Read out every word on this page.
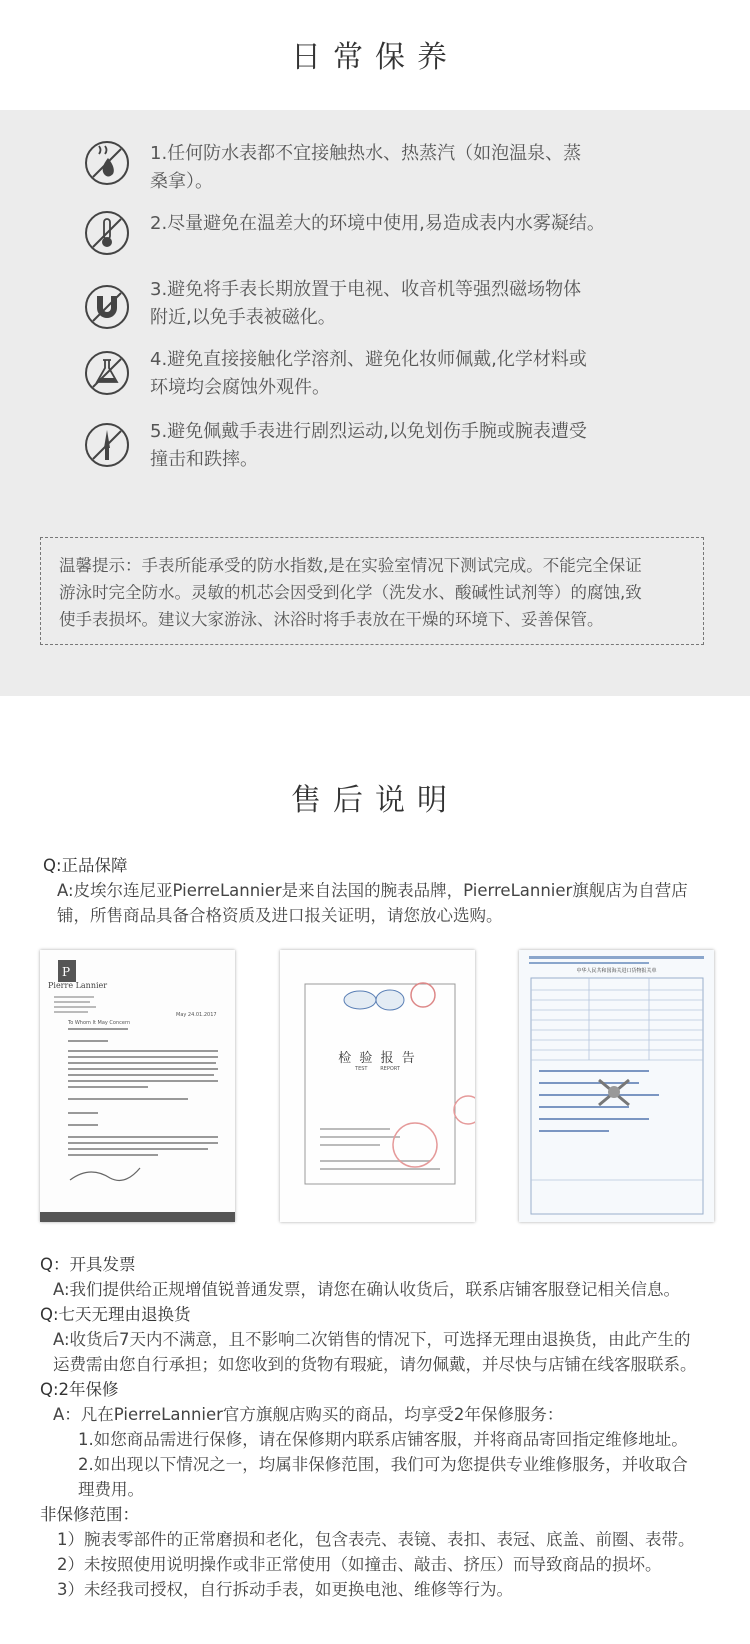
日常保养
1.任何防水表都不宜接触热水、热蒸汽（如泡温泉、蒸
桑拿）。
2.尽量避免在温差大的环境中使用,易造成表内水雾凝结。
3.避免将手表长期放置于电视、收音机等强烈磁场物体
附近,以免手表被磁化。
4.避免直接接触化学溶剂、避免化妆师佩戴,化学材料或
环境均会腐蚀外观件。
5.避免佩戴手表进行剧烈运动,以免划伤手腕或腕表遭受
撞击和跌摔。
温馨提示：手表所能承受的防水指数,是在实验室情况下测试完成。不能完全保证
游泳时完全防水。灵敏的机芯会因受到化学（洗发水、酸碱性试剂等）的腐蚀,致
使手表损坏。建议大家游泳、沐浴时将手表放在干燥的环境下、妥善保管。
售后说明
Q:正品保障
A:皮埃尔连尼亚PierreLannier是来自法国的腕表品牌，PierreLannier旗舰店为自营店
铺，所售商品具备合格资质及进口报关证明，请您放心选购。
P
Pierre Lannier
May 24.01.2017
To Whom It May Concern
检 验 报 告
TEST        REPORT
中华人民共和国海关进口货物报关单
Q：开具发票
A:我们提供给正规增值锐普通发票，请您在确认收货后，联系店铺客服登记相关信息。
Q:七天无理由退换货
A:收货后7天内不满意，且不影响二次销售的情况下，可选择无理由退换货，由此产生的
运费需由您自行承担；如您收到的货物有瑕疵，请勿佩戴，并尽快与店铺在线客服联系。
Q:2年保修
A：凡在PierreLannier官方旗舰店购买的商品，均享受2年保修服务：
1.如您商品需进行保修，请在保修期内联系店铺客服，并将商品寄回指定维修地址。
2.如出现以下情况之一，均属非保修范围，我们可为您提供专业维修服务，并收取合
理费用。
非保修范围：
1）腕表零部件的正常磨损和老化，包含表壳、表镜、表扣、表冠、底盖、前圈、表带。
2）未按照使用说明操作或非正常使用（如撞击、敲击、挤压）而导致商品的损坏。
3）未经我司授权，自行拆动手表，如更换电池、维修等行为。
